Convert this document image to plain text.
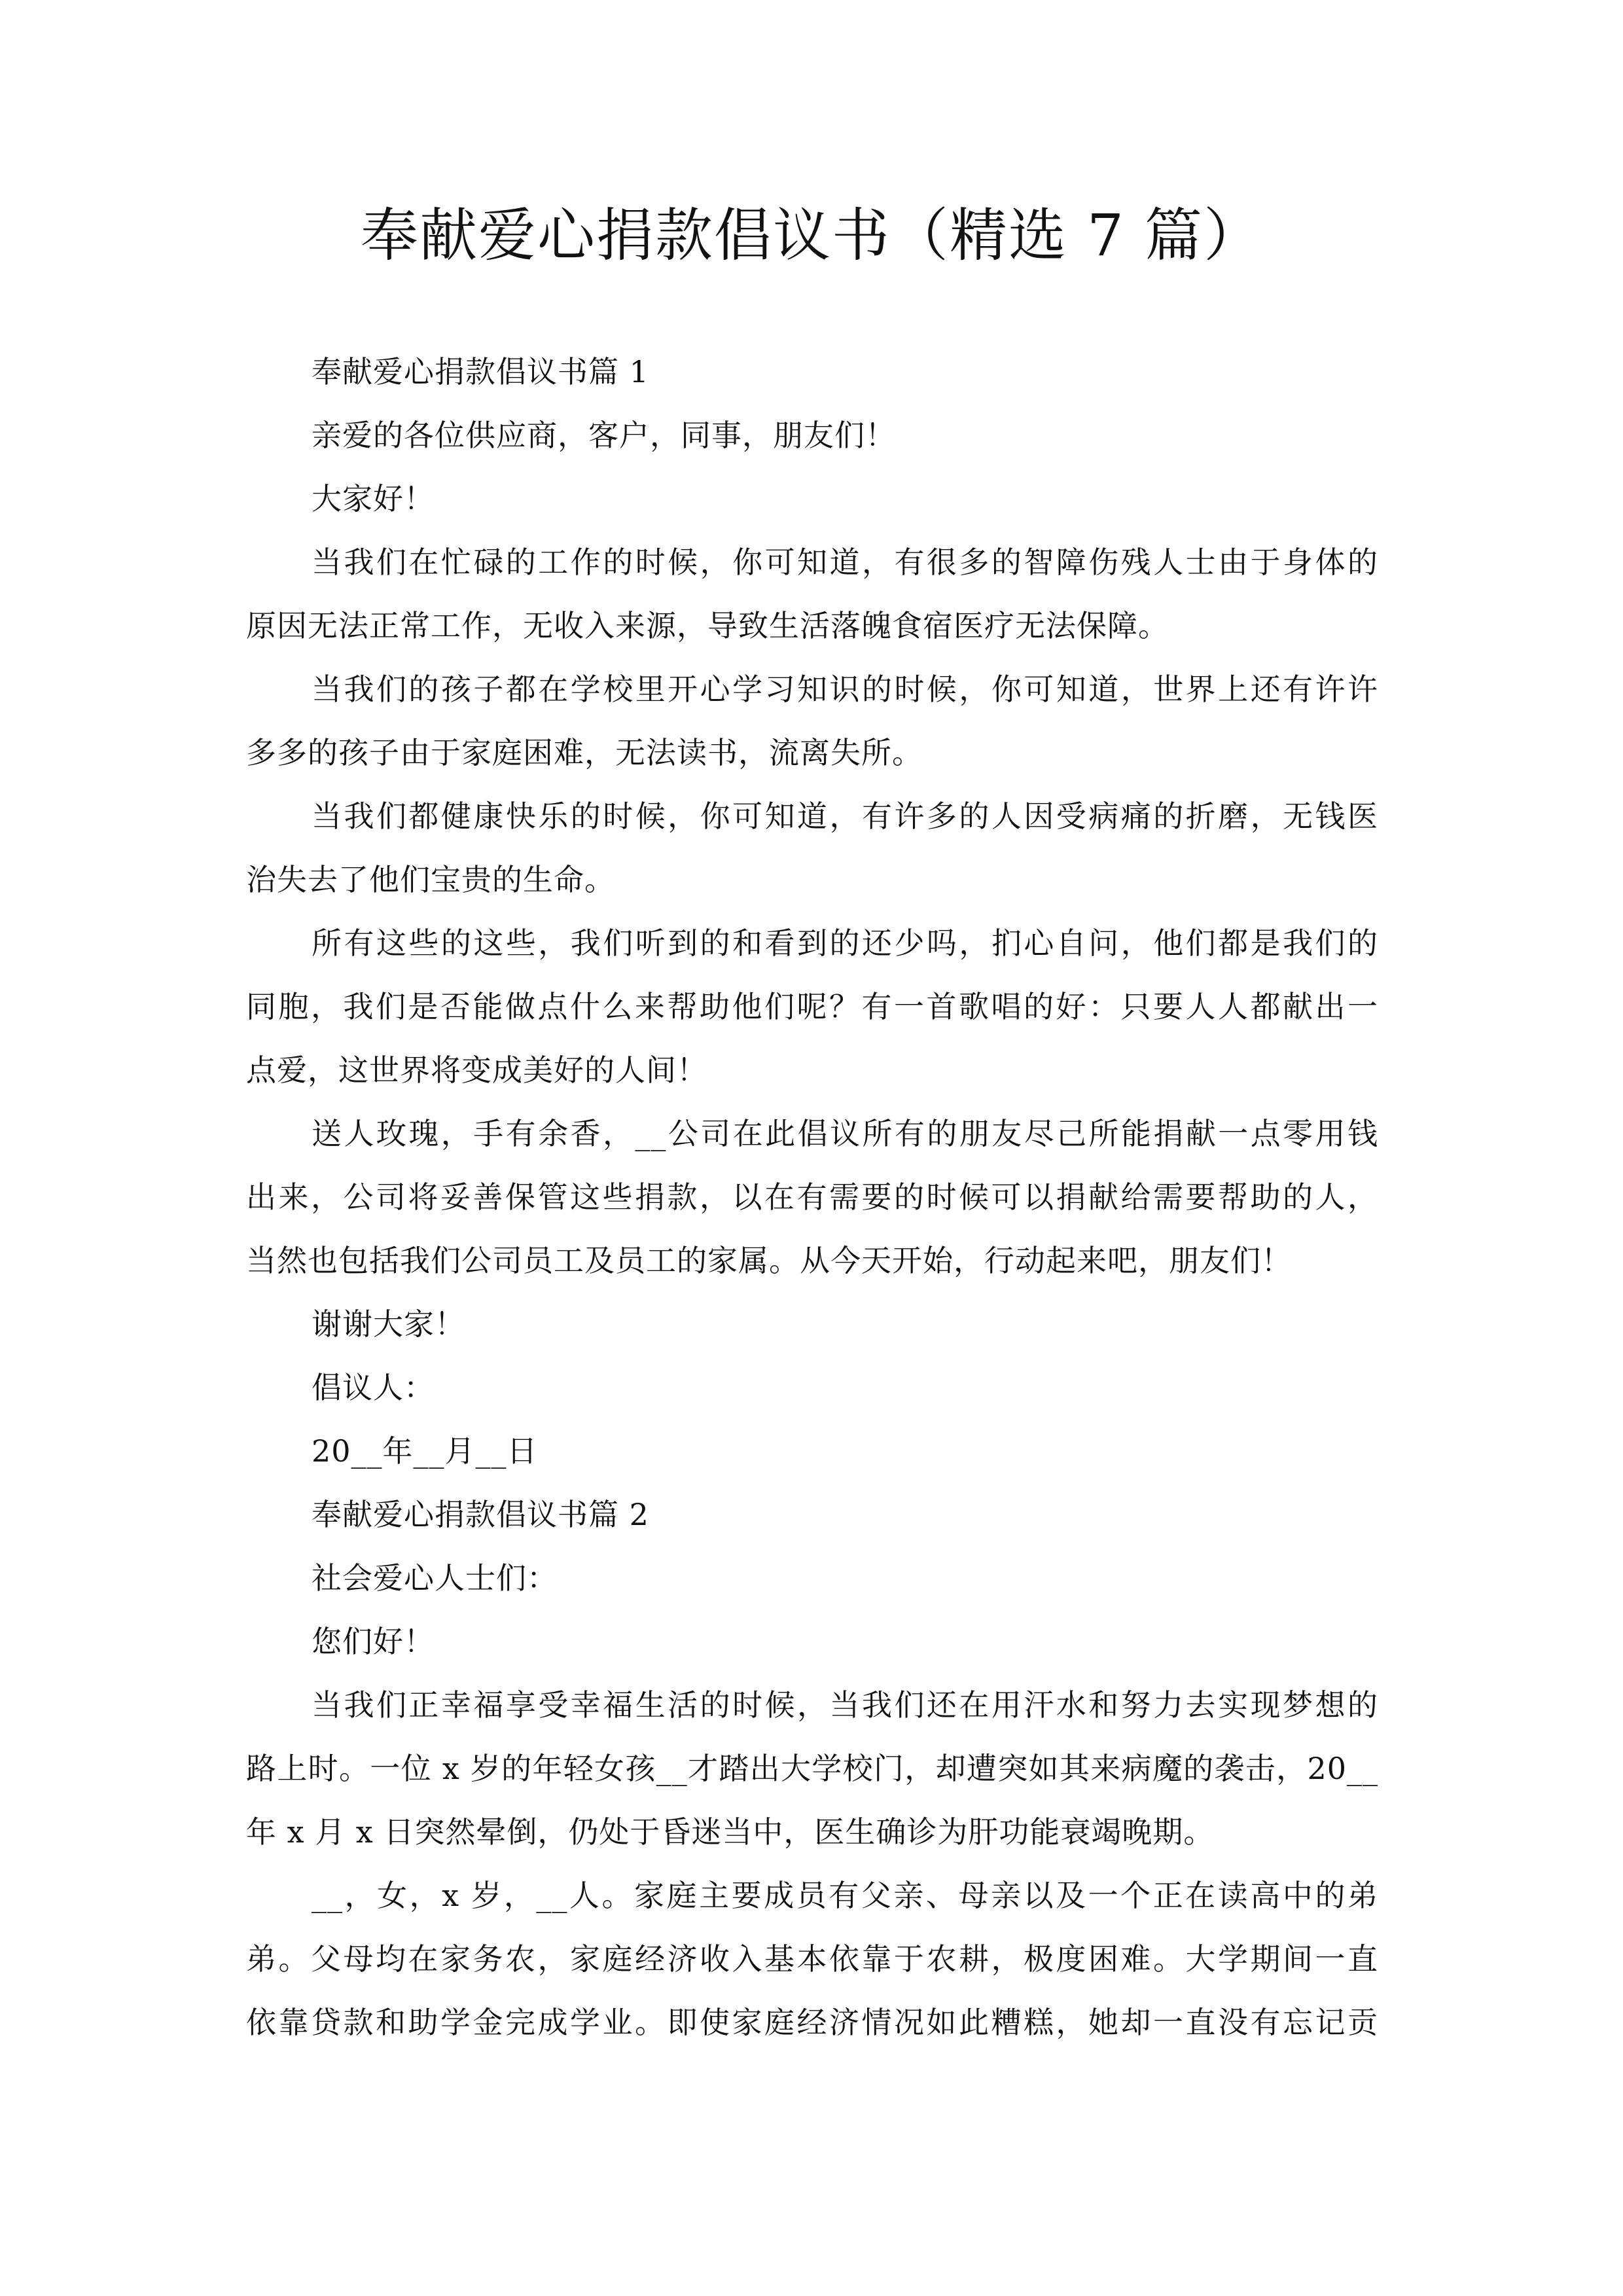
奉献爱心捐款倡议书（精选 7 篇）
奉献爱心捐款倡议书篇 1
亲爱的各位供应商，客户，同事，朋友们！
大家好！
当我们在忙碌的工作的时候，你可知道，有很多的智障伤残人士由于身体的
原因无法正常工作，无收入来源，导致生活落魄食宿医疗无法保障。
当我们的孩子都在学校里开心学习知识的时候，你可知道，世界上还有许许
多多的孩子由于家庭困难，无法读书，流离失所。
当我们都健康快乐的时候，你可知道，有许多的人因受病痛的折磨，无钱医
治失去了他们宝贵的生命。
所有这些的这些，我们听到的和看到的还少吗，扪心自问，他们都是我们的
同胞，我们是否能做点什么来帮助他们呢？有一首歌唱的好：只要人人都献出一
点爱，这世界将变成美好的人间！
送人玫瑰，手有余香，__公司在此倡议所有的朋友尽己所能捐献一点零用钱
出来，公司将妥善保管这些捐款，以在有需要的时候可以捐献给需要帮助的人，
当然也包括我们公司员工及员工的家属。从今天开始，行动起来吧，朋友们！
谢谢大家！
倡议人：
20__年__月__日
奉献爱心捐款倡议书篇 2
社会爱心人士们：
您们好！
当我们正幸福享受幸福生活的时候，当我们还在用汗水和努力去实现梦想的
路上时。一位 x 岁的年轻女孩__才踏出大学校门，却遭突如其来病魔的袭击，20__
年 x 月 x 日突然晕倒，仍处于昏迷当中，医生确诊为肝功能衰竭晚期。
__，女，x 岁，__人。家庭主要成员有父亲、母亲以及一个正在读高中的弟
弟。父母均在家务农，家庭经济收入基本依靠于农耕，极度困难。大学期间一直
依靠贷款和助学金完成学业。即使家庭经济情况如此糟糕，她却一直没有忘记贡
